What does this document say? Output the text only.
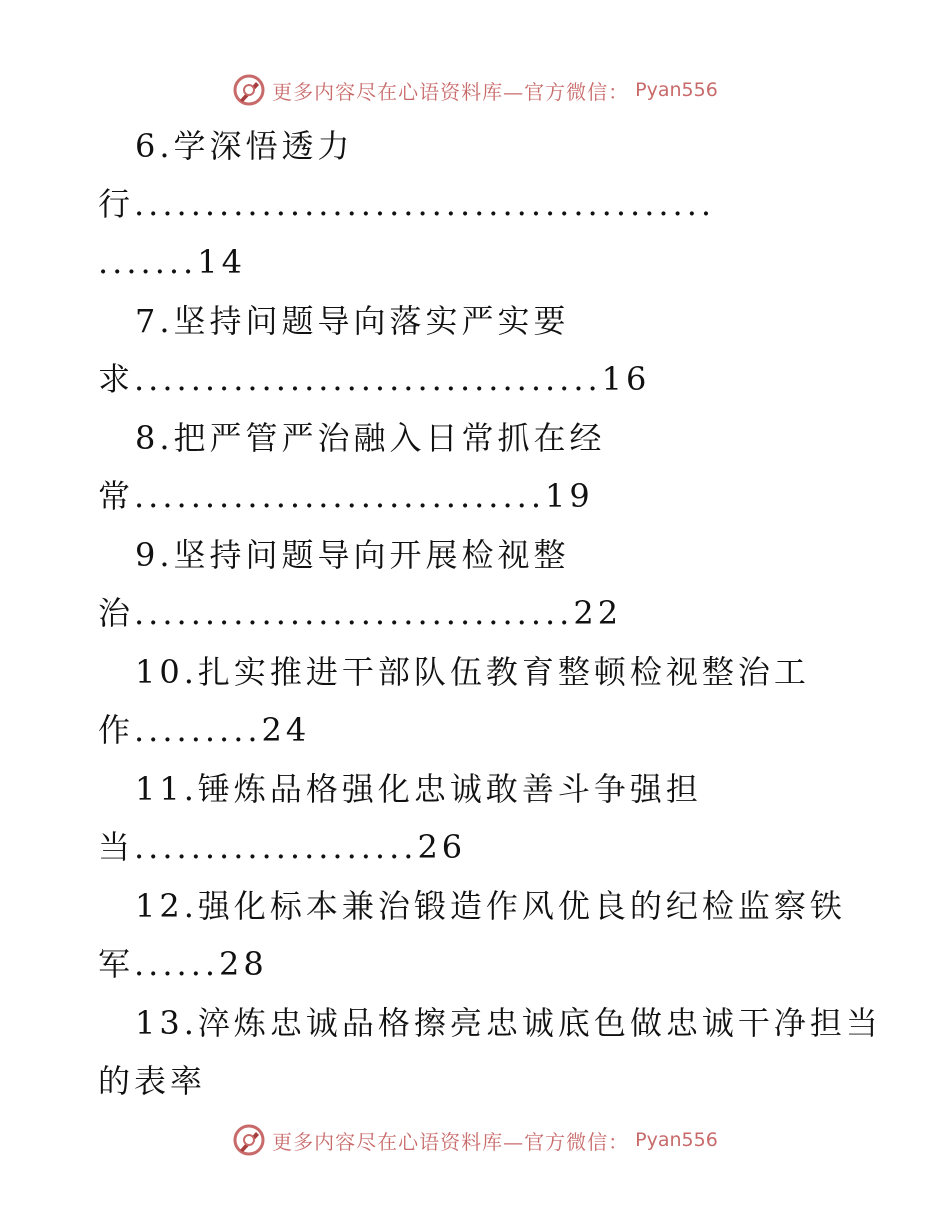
更多内容尽在心语资料库—官方微信： Pyan556
6.学深悟透力
行.........................................
.......14
7.坚持问题导向落实严实要
求.................................16
8.把严管严治融入日常抓在经
常.............................19
9.坚持问题导向开展检视整
治...............................22
10.扎实推进干部队伍教育整顿检视整治工
作.........24
11.锤炼品格强化忠诚敢善斗争强担
当....................26
12.强化标本兼治锻造作风优良的纪检监察铁
军......28
13.淬炼忠诚品格擦亮忠诚底色做忠诚干净担当
的表率
更多内容尽在心语资料库—官方微信： Pyan556
